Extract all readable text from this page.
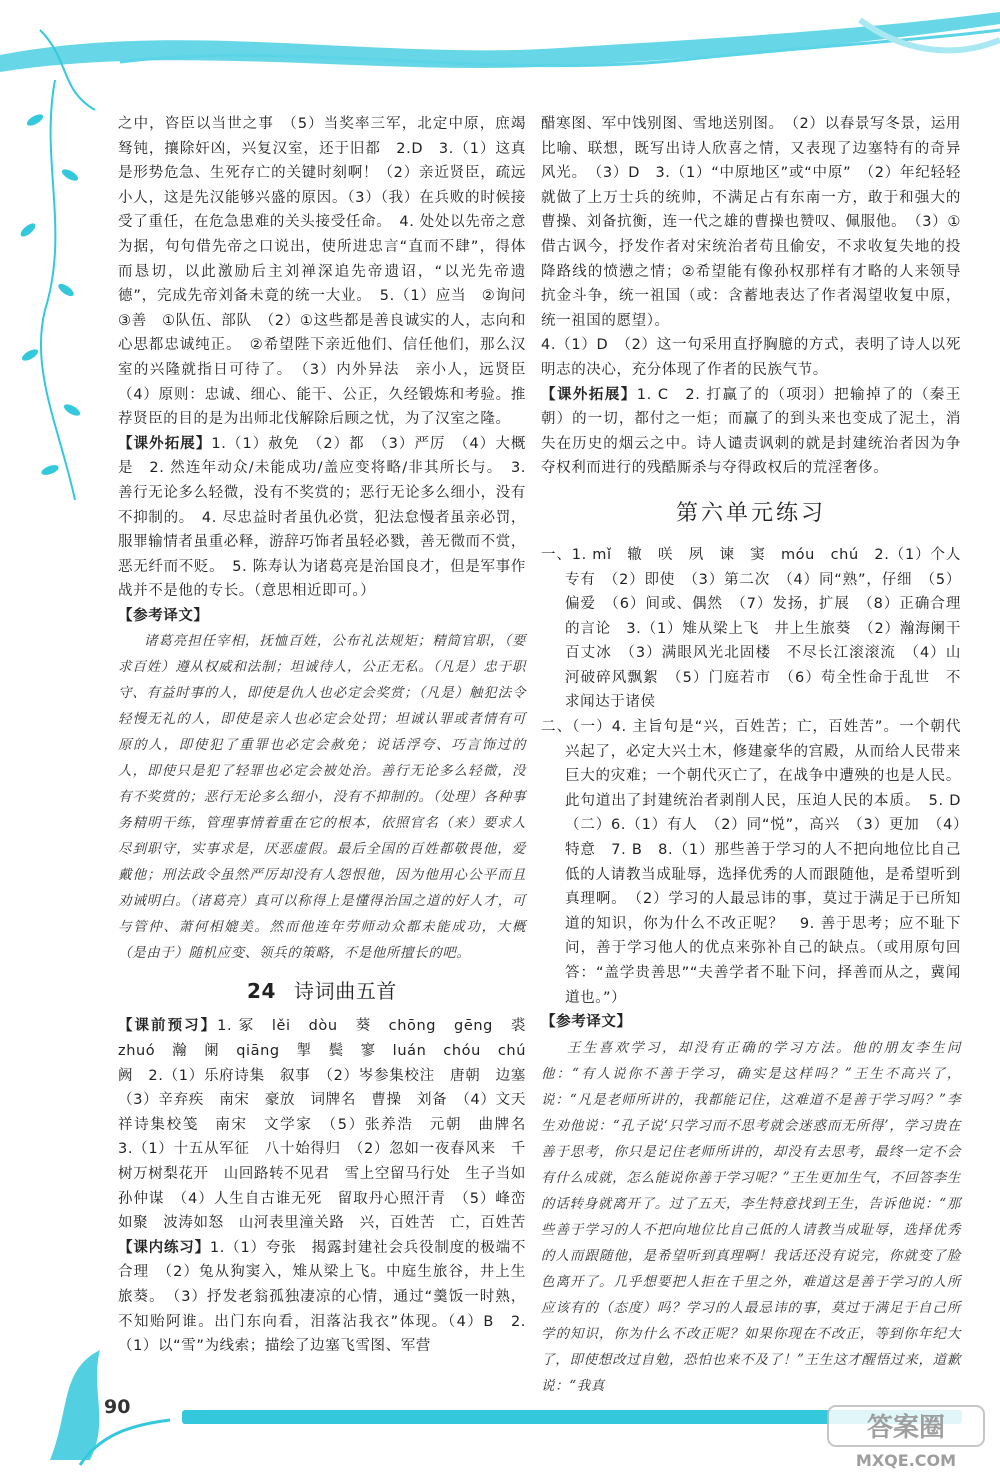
之中，咨臣以当世之事　（5）当奖率三军，北定中原，庶竭驽钝，攘除奸凶，兴复汉室，还于旧都　2.D　3.（1）这真是形势危急、生死存亡的关键时刻啊！（2）亲近贤臣，疏远小人，这是先汉能够兴盛的原因。（3）（我）在兵败的时候接受了重任，在危急患难的关头接受任命。　4. 处处以先帝之意为据，句句借先帝之口说出，使所进忠言“直而不肆”，得体而恳切，以此激励后主刘禅深追先帝遗诏，“以光先帝遗德”，完成先帝刘备未竟的统一大业。　5.（1）应当　②询问　③善　①队伍、部队　（2）①这些都是善良诚实的人，志向和心思都忠诚纯正。　②希望陛下亲近他们、信任他们，那么汉室的兴隆就指日可待了。　（3）内外异法　亲小人，远贤臣　（4）原则：忠诚、细心、能干、公正，久经锻炼和考验。推荐贤臣的目的是为出师北伐解除后顾之忧，为了汉室之隆。

【课外拓展】1.（1）赦免　（2）都　（3）严厉　（4）大概是　2. 然连年动众/未能成功/盖应变将略/非其所长与。　3. 善行无论多么轻微，没有不奖赏的；恶行无论多么细小，没有不抑制的。　4. 尽忠益时者虽仇必赏，犯法怠慢者虽亲必罚，服罪输情者虽重必释，游辞巧饰者虽轻必戮，善无微而不赏，恶无纤而不贬。　5. 陈寿认为诸葛亮是治国良才，但是军事作战并不是他的专长。（意思相近即可。）

【参考译文】

诸葛亮担任宰相，抚恤百姓，公布礼法规矩；精简官职，（要求百姓）遵从权威和法制；坦诚待人，公正无私。（凡是）忠于职守、有益时事的人，即使是仇人也必定会奖赏；（凡是）触犯法令轻慢无礼的人，即使是亲人也必定会处罚；坦诚认罪或者情有可原的人，即使犯了重罪也必定会赦免；说话浮夸、巧言饰过的人，即使只是犯了轻罪也必定会被处治。善行无论多么轻微，没有不奖赏的；恶行无论多么细小，没有不抑制的。（处理）各种事务精明干练，管理事情着重在它的根本，依照官名（来）要求人尽到职守，实事求是，厌恶虚假。最后全国的百姓都敬畏他，爱戴他；刑法政令虽然严厉却没有人怨恨他，因为他用心公平而且劝诫明白。（诸葛亮）真可以称得上是懂得治国之道的好人才，可与管仲、萧何相媲美。然而他连年劳师动众都未能成功，大概（是由于）随机应变、领兵的策略，不是他所擅长的吧。

24 诗词曲五首

【课前预习】1. 冢　lěi　dòu　葵　chōng　gēng　裘　zhuó　瀚　阑　qiāng　掣　鬓　寥　luán　chóu　chú　阙　2.（1）乐府诗集　叙事　（2）岑参集校注　唐朝　边塞　（3）辛弃疾　南宋　豪放　词牌名　曹操　刘备　（4）文天祥诗集校笺　南宋　文学家　（5）张养浩　元朝　曲牌名　3.（1）十五从军征　八十始得归　（2）忽如一夜春风来　千树万树梨花开　山回路转不见君　雪上空留马行处　生子当如孙仲谋　（4）人生自古谁无死　留取丹心照汗青　（5）峰峦如聚　波涛如怒　山河表里潼关路　兴，百姓苦　亡，百姓苦

【课内练习】1.（1）夸张　揭露封建社会兵役制度的极端不合理　（2）兔从狗窦入，雉从梁上飞。中庭生旅谷，井上生旅葵。　（3）抒发老翁孤独凄凉的心情，通过“羹饭一时熟，不知贻阿谁。出门东向看，泪落沾我衣”体现。（4）B　2.（1）以“雪”为线索；描绘了边塞飞雪图、军营

醋寒图、军中饯别图、雪地送别图。　（2）以春景写冬景，运用比喻、联想，既写出诗人欣喜之情，又表现了边塞特有的奇异风光。　（3）D　3.（1）“中原地区”或“中原”　（2）年纪轻轻就做了上万士兵的统帅，不满足占有东南一方，敢于和强大的曹操、刘备抗衡，连一代之雄的曹操也赞叹、佩服他。　（3）①借古讽今，抒发作者对宋统治者苟且偷安，不求收复失地的投降路线的愤懑之情；②希望能有像孙权那样有才略的人来领导抗金斗争，统一祖国（或：含蓄地表达了作者渴望收复中原，统一祖国的愿望）。

4.（1）D　（2）这一句采用直抒胸臆的方式，表明了诗人以死明志的决心，充分体现了作者的民族气节。

【课外拓展】1. C　2. 打赢了的（项羽）把输掉了的（秦王朝）的一切，都付之一炬；而赢了的到头来也变成了泥土，消失在历史的烟云之中。诗人谴责讽刺的就是封建统治者因为争夺权利而进行的残酷厮杀与夺得政权后的荒淫奢侈。

第六单元练习

一、1. mǐ　辙　咲　夙　谏　窦　móu　chú　2.（1）个人专有　（2）即使　（3）第二次　（4）同“熟”，仔细　（5）偏爱　（6）间或、偶然　（7）发扬，扩展　（8）正确合理的言论　3.（1）雉从梁上飞　井上生旅葵　（2）瀚海阑干百丈冰　（3）满眼风光北固楼　不尽长江滚滚流　（4）山河破碎风飘絮　（5）门庭若市　（6）苟全性命于乱世　不求闻达于诸侯

二、（一）4. 主旨句是“兴，百姓苦；亡，百姓苦”。一个朝代兴起了，必定大兴土木，修建豪华的宫殿，从而给人民带来巨大的灾难；一个朝代灭亡了，在战争中遭殃的也是人民。此句道出了封建统治者剥削人民，压迫人民的本质。　5. D　（二）6.（1）有人　（2）同“悦”，高兴　（3）更加　（4）特意　7. B　8.（1）那些善于学习的人不把向地位比自己低的人请教当成耻辱，选择优秀的人而跟随他，是希望听到真理啊。　（2）学习的人最忌讳的事，莫过于满足于已所知道的知识，你为什么不改正呢？　9. 善于思考；应不耻下问，善于学习他人的优点来弥补自己的缺点。（或用原句回答：“盖学贵善思”“夫善学者不耻下问，择善而从之，冀闻道也。”）

【参考译文】

王生喜欢学习，却没有正确的学习方法。他的朋友李生问他：“有人说你不善于学习，确实是这样吗？”王生不高兴了，说：“凡是老师所讲的，我都能记住，这难道不是善于学习吗？”李生劝他说：“孔子说‘只学习而不思考就会迷惑而无所得’，学习贵在善于思考，你只是记住老师所讲的，却没有去思考，最终一定不会有什么成就，怎么能说你善于学习呢？”王生更加生气，不回答李生的话转身就离开了。过了五天，李生特意找到王生，告诉他说：“那些善于学习的人不把向地位比自己低的人请教当成耻辱，选择优秀的人而跟随他，是希望听到真理啊！我话还没有说完，你就变了脸色离开了。几乎想要把人拒在千里之外，难道这是善于学习的人所应该有的（态度）吗？学习的人最忌讳的事，莫过于满足于自己所学的知识，你为什么不改正呢？如果你现在不改正，等到你年纪大了，即使想改过自勉，恐怕也来不及了！”王生这才醒悟过来，道歉说：“我真

90
答案圈
MXQE.COM
